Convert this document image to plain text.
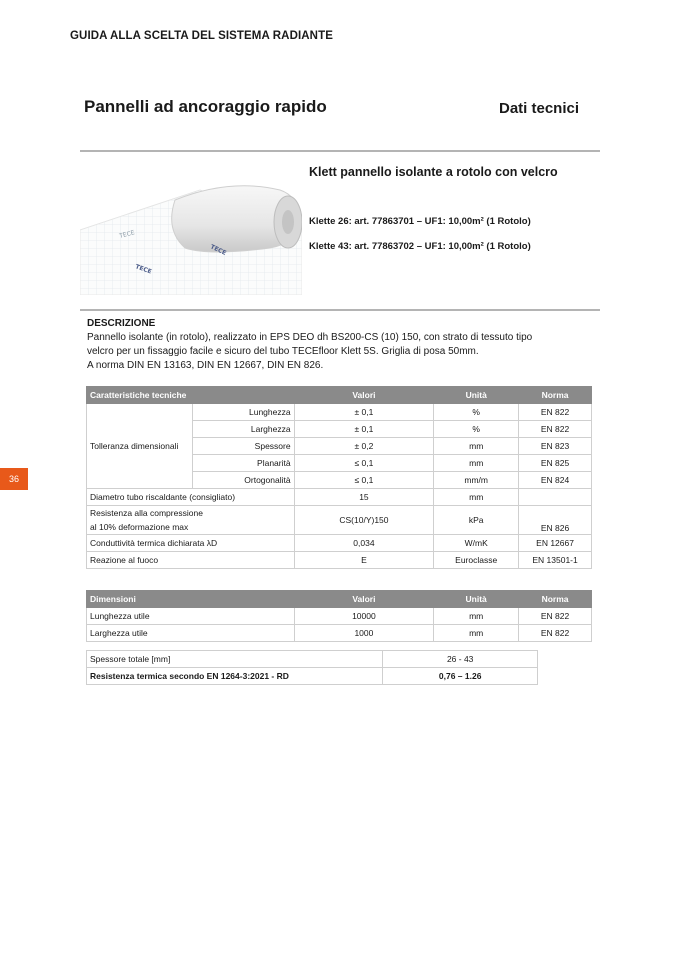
GUIDA ALLA SCELTA DEL SISTEMA RADIANTE
Pannelli ad ancoraggio rapido	Dati tecnici
36
TECE
TECE
TECE
Klett pannello isolante a rotolo con velcro
Klette 26: art. 77863701 – UF1: 10,00m² (1 Rotolo)
Klette 43: art. 77863702 – UF1: 10,00m² (1 Rotolo)
DESCRIZIONE
Pannello isolante (in rotolo), realizzato in EPS DEO dh BS200-CS (10) 150, con strato di tessuto tipo
velcro per un fissaggio facile e sicuro del tubo TECEfloor Klett 5S. Griglia di posa 50mm.
A norma DIN EN 13163, DIN EN 12667, DIN EN 826.
Caratteristiche tecniche		Valori	Unità	Norma
Tolleranza dimensionali	Lunghezza	± 0,1	%	EN 822
	Larghezza	± 0,1	%	EN 822
	Spessore	± 0,2	mm	EN 823
	Planarità	≤ 0,1	mm	EN 825
	Ortogonalità	≤ 0,1	mm/m	EN 824
Diametro tubo riscaldante (consigliato)		15	mm	

Resistenza alla compressione
al 10% deformazione max		CS(10/Y)150	kPa	EN 826
Conduttività termica dichiarata λD		0,034	W/mK	EN 12667
Reazione al fuoco		E	Euroclasse	EN 13501-1
Dimensioni	Valori	Unità	Norma
Lunghezza utile	10000	mm	EN 822
Larghezza utile	1000	mm	EN 822
Spessore totale [mm]	26 - 43
Resistenza termica secondo EN 1264-3:2021 - RD	0,76 – 1.26
